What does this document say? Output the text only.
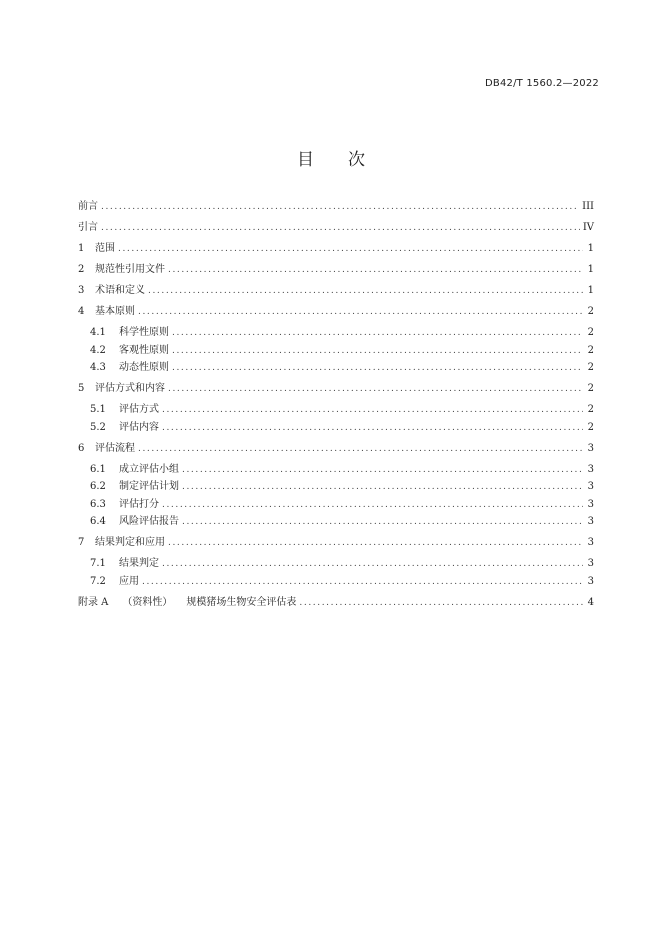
DB42/T 1560.2—2022
目 次
前言 .....	III
引言 .....	IV
1	范围 .....	1
2	规范性引用文件 .....	1
3	术语和定义 .....	1
4	基本原则 .....	2
4.1	科学性原则 .....	2
4.2	客观性原则 .....	2
4.3	动态性原则 .....	2
5	评估方式和内容 .....	2
5.1	评估方式 .....	2
5.2	评估内容 .....	2
6	评估流程 .....	3
6.1	成立评估小组 .....	3
6.2	制定评估计划 .....	3
6.3	评估打分 .....	3
6.4	风险评估报告 .....	3
7	结果判定和应用 .....	3
7.1	结果判定 .....	3
7.2	应用 .....	3
附录 A （资料性） 规模猪场生物安全评估表 .....	4
